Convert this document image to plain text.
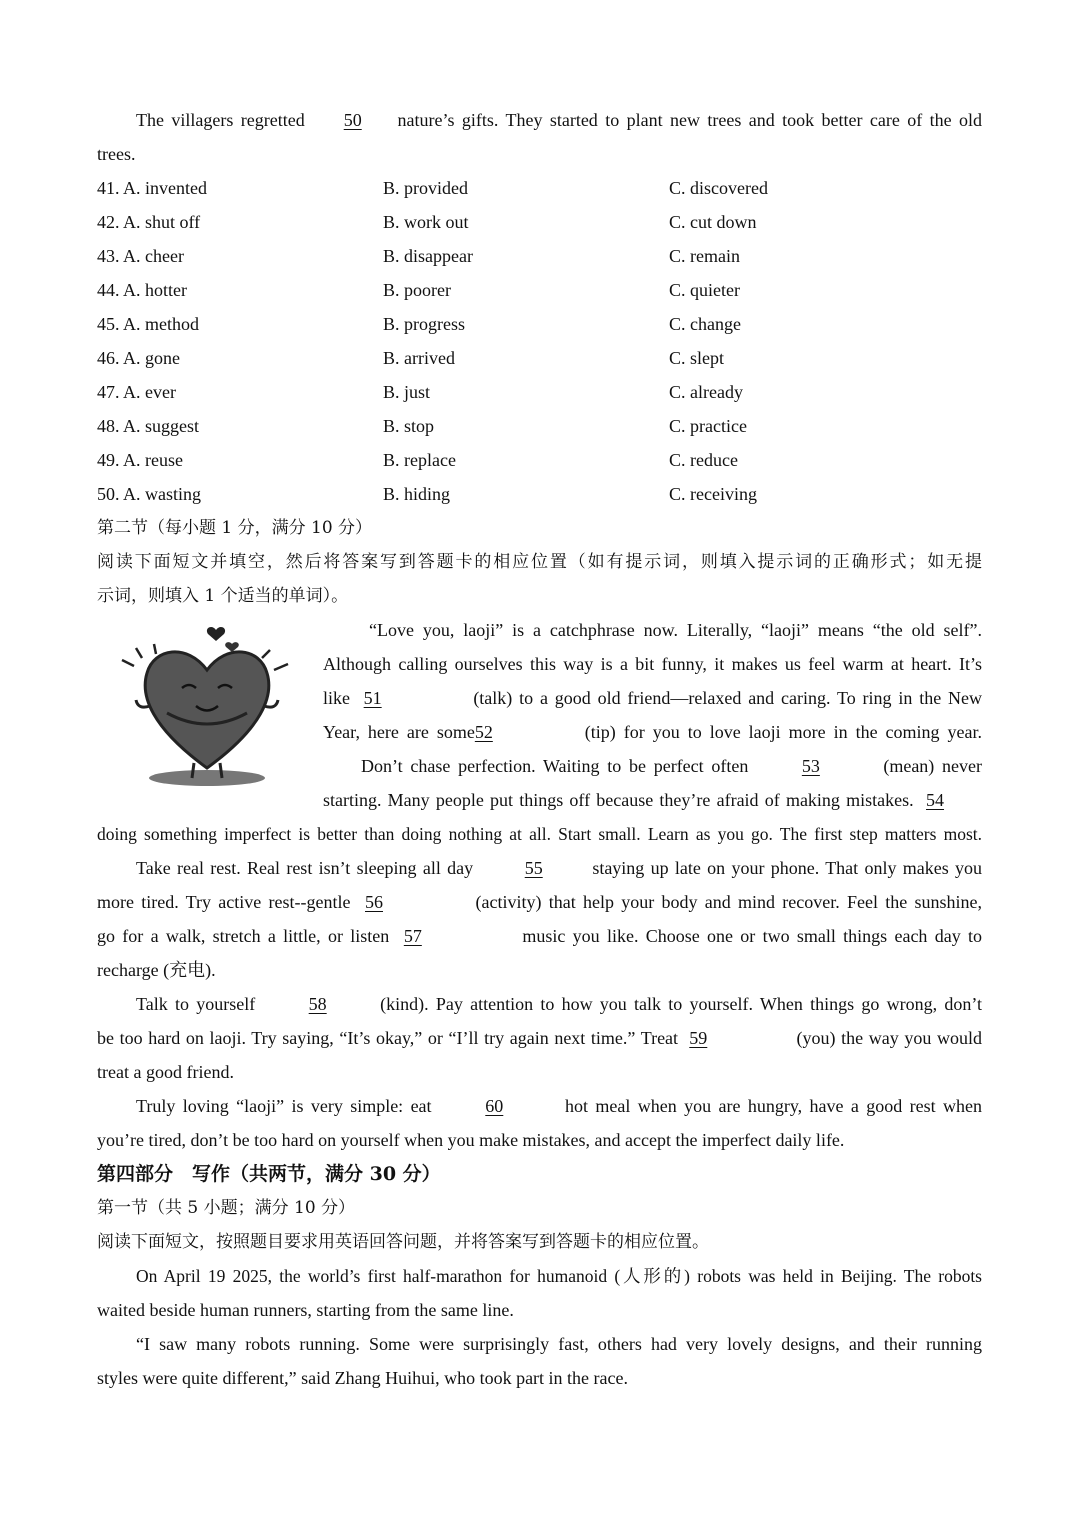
The villagers regretted 50 nature’s gifts. They started to plant new trees and took better care of the old
trees.
41. A. invented	B. provided	C. discovered
42. A. shut off	B. work out	C. cut down
43. A. cheer	B. disappear	C. remain
44. A. hotter	B. poorer	C. quieter
45. A. method	B. progress	C. change
46. A. gone	B. arrived	C. slept
47. A. ever	B. just	C. already
48. A. suggest	B. stop	C. practice
49. A. reuse	B. replace	C. reduce
50. A. wasting	B. hiding	C. receiving
第二节（每小题 1 分，满分 10 分）
阅读下面短文并填空，然后将答案写到答题卡的相应位置（如有提示词，则填入提示词的正确形式；如无提
示词，则填入 1 个适当的单词）。
“Love you, laoji” is a catchphrase now. Literally, “laoji” means “the old self”.
Although calling ourselves this way is a bit funny, it makes us feel warm at heart. It’s
like 51	(talk) to a good old friend—relaxed and caring. To ring in the New
Year, here are some52	(tip) for you to love laoji more in the coming year.
Don’t chase perfection. Waiting to be perfect often	53	(mean) never
starting. Many people put things off because they’re afraid of making mistakes. 54
doing something imperfect is better than doing nothing at all. Start small. Learn as you go. The first step matters most.
Take real rest. Real rest isn’t sleeping all day	55	staying up late on your phone. That only makes you
more tired. Try active rest--gentle 56	(activity) that help your body and mind recover. Feel the sunshine,
go for a walk, stretch a little, or listen 57	music you like. Choose one or two small things each day to
recharge (充电).
Talk to yourself	58	(kind). Pay attention to how you talk to yourself. When things go wrong, don’t
be too hard on laoji. Try saying, “It’s okay,” or “I’ll try again next time.” Treat 59	(you) the way you would
treat a good friend.
Truly loving “laoji” is very simple: eat	60	hot meal when you are hungry, have a good rest when
you’re tired, don’t be too hard on yourself when you make mistakes, and accept the imperfect daily life.
第四部分　写作（共两节，满分 30 分）
第一节（共 5 小题；满分 10 分）
阅读下面短文，按照题目要求用英语回答问题，并将答案写到答题卡的相应位置。
On April 19 2025, the world’s first half-marathon for humanoid (人形的) robots was held in Beijing. The robots
waited beside human runners, starting from the same line.
“I saw many robots running. Some were surprisingly fast, others had very lovely designs, and their running
styles were quite different,” said Zhang Huihui, who took part in the race.
